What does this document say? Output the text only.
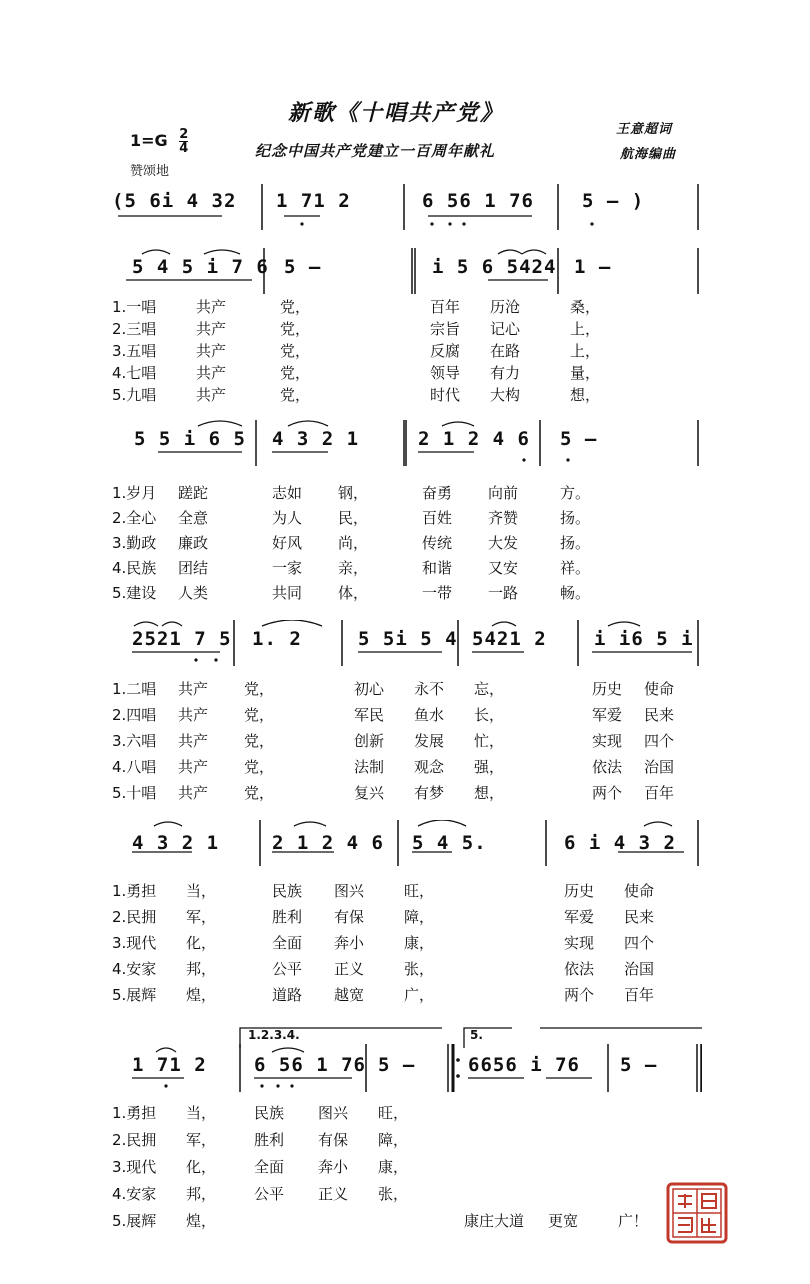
新歌《十唱共产党》
$1=G \frac{2}{4}$	纪念中国共产党建立一百周年献礼
赞颂地
王意超词
航海编曲
(5 6i 4 32 1 71 2	6 56 1 76	5 – )
5 4 5 i 7 6 5 –	i 5 6 5424 1 –
1.一唱	共产	党，	百年 历沧	桑，
2.三唱	共产	党，	宗旨 记心	上，
3.五唱	共产	党，	反腐 在路	上，
4.七唱	共产	党，	领导 有力	量，
5.九唱	共产	党，	时代 大构	想，
5 5 i 6 5 4 3 2 1	2 1 2 4 6 5 –
1.岁月 蹉跎	志如 钢，	奋勇 向前	方。
2.全心 全意	为人 民，	百姓 齐赞	扬。
3.勤政 廉政	好风 尚，	传统 大发	扬。
4.民族 团结	一家 亲，	和谐 又安	祥。
5.建设 人类	共同 体，	一带 一路	畅。
2521 7 5 1. 2	5 5i 5 4 5421 2 i i6 5 i
1.二唱 共产 党，	初心 永不 忘，	历史 使命
2.四唱 共产 党，	军民 鱼水 长，	军爱 民来
3.六唱 共产 党，	创新 发展 忙，	实现 四个
4.八唱 共产 党，	法制 观念 强，	依法 治国
5.十唱 共产 党，	复兴 有梦 想，	两个 百年
4 3 2 1	2 1 2 4 6 5 4 5.	6 i 4 3 2
1.勇担 当，	民族 图兴	旺，	历史 使命
2.民拥 军，	胜利 有保	障，	军爱 民来
3.现代 化，	全面 奔小	康，	实现 四个
4.安家 邦，	公平 正义	张，	依法 治国
5.展辉 煌，	道路 越宽	广，	两个 百年
1.2.3.4.	5.
1 71 2 6 56 1 76 5 –	6656 i 76 5 –
1.勇担 当，	民族 图兴 旺，
2.民拥 军，	胜利 有保 障，
3.现代 化，	全面 奔小 康，
4.安家 邦，	公平 正义 张，
5.展辉 煌，	康庄大道 更宽	广！
